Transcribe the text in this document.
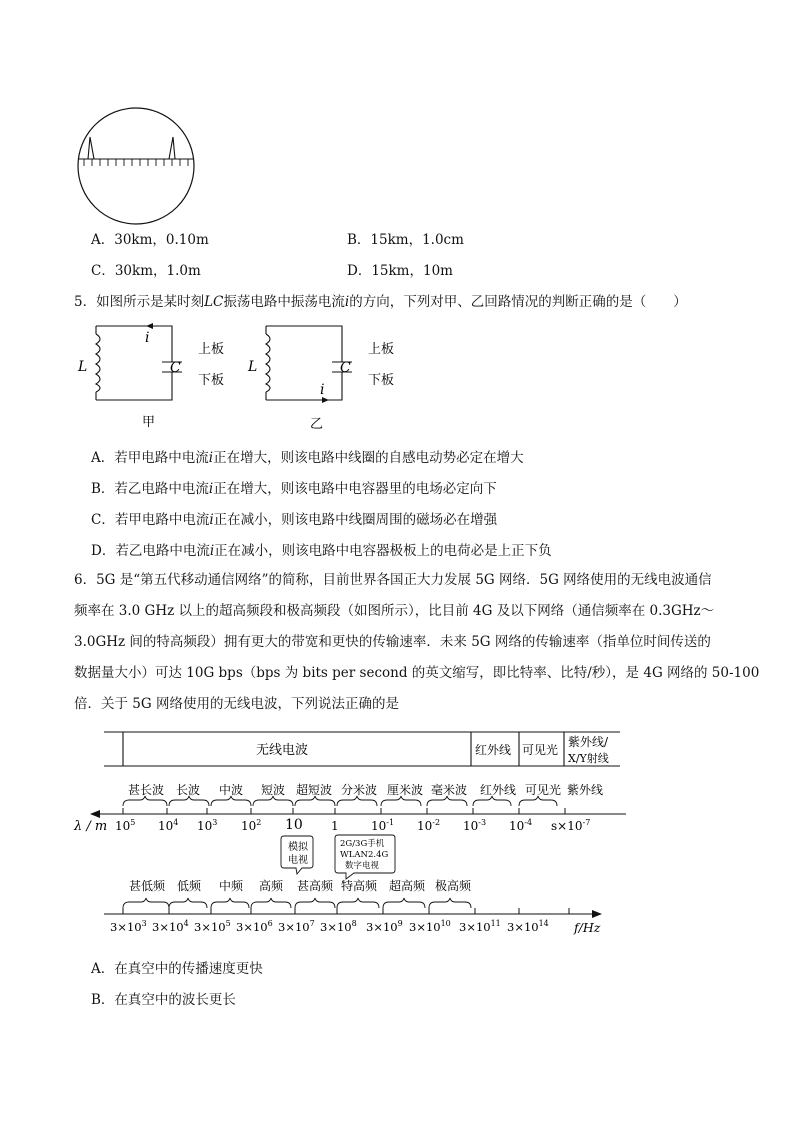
A．30km，0.10m	B．15km，1.0cm
C．30km，1.0m	D．15km，10m
5．如图所示是某时刻LC振荡电路中振荡电流i的方向，下列对甲、乙回路情况的判断正确的是（　　）
i
L	C
上板
下板
甲
i
L	C
上板
下板
乙
A．若甲电路中电流i正在增大，则该电路中线圈的自感电动势必定在增大
B．若乙电路中电流i正在增大，则该电路中电容器里的电场必定向下
C．若甲电路中电流i正在减小，则该电路中线圈周围的磁场必在增强
D．若乙电路中电流i正在减小，则该电路中电容器极板上的电荷必是上正下负
6．5G 是“第五代移动通信网络”的简称，目前世界各国正大力发展 5G 网络．5G 网络使用的无线电波通信
频率在 3.0 GHz 以上的超高频段和极高频段（如图所示），比目前 4G 及以下网络（通信频率在 0.3GHz～
3.0GHz 间的特高频段）拥有更大的带宽和更快的传输速率．未来 5G 网络的传输速率（指单位时间传送的
数据量大小）可达 10G bps（bps 为 bits per second 的英文缩写，即比特率、比特/秒），是 4G 网络的 50-100
倍．关于 5G 网络使用的无线电波，下列说法正确的是
无线电波	红外线 可见光
紫外线/
X/Y射线
甚长波 长波 中波 短波 超短波 分米波 厘米波 毫米波 红外线 可见光 紫外线
λ / m $10^5$ $10^4$ $10^3$ $10^2$ 10 1	$10^{-1}$ $10^{-2}$ $10^{-3}$ $10^{-4}$ $s\times 10^{-7}$
模拟
电视
2G/3G手机
WLAN2.4G
数字电视
甚低频 低频 中频 高频 甚高频 特高频 超高频 极高频
$3\times 10^3$ $3\times 10^4$ $3\times 10^5$ $3\times 10^6$ $3\times 10^7$ $3\times 10^8$ $3\times 10^9$ $3\times 10^{10}$ $3\times 10^{11}$ $3\times 10^{14}$ f/Hz
A．在真空中的传播速度更快
B．在真空中的波长更长
